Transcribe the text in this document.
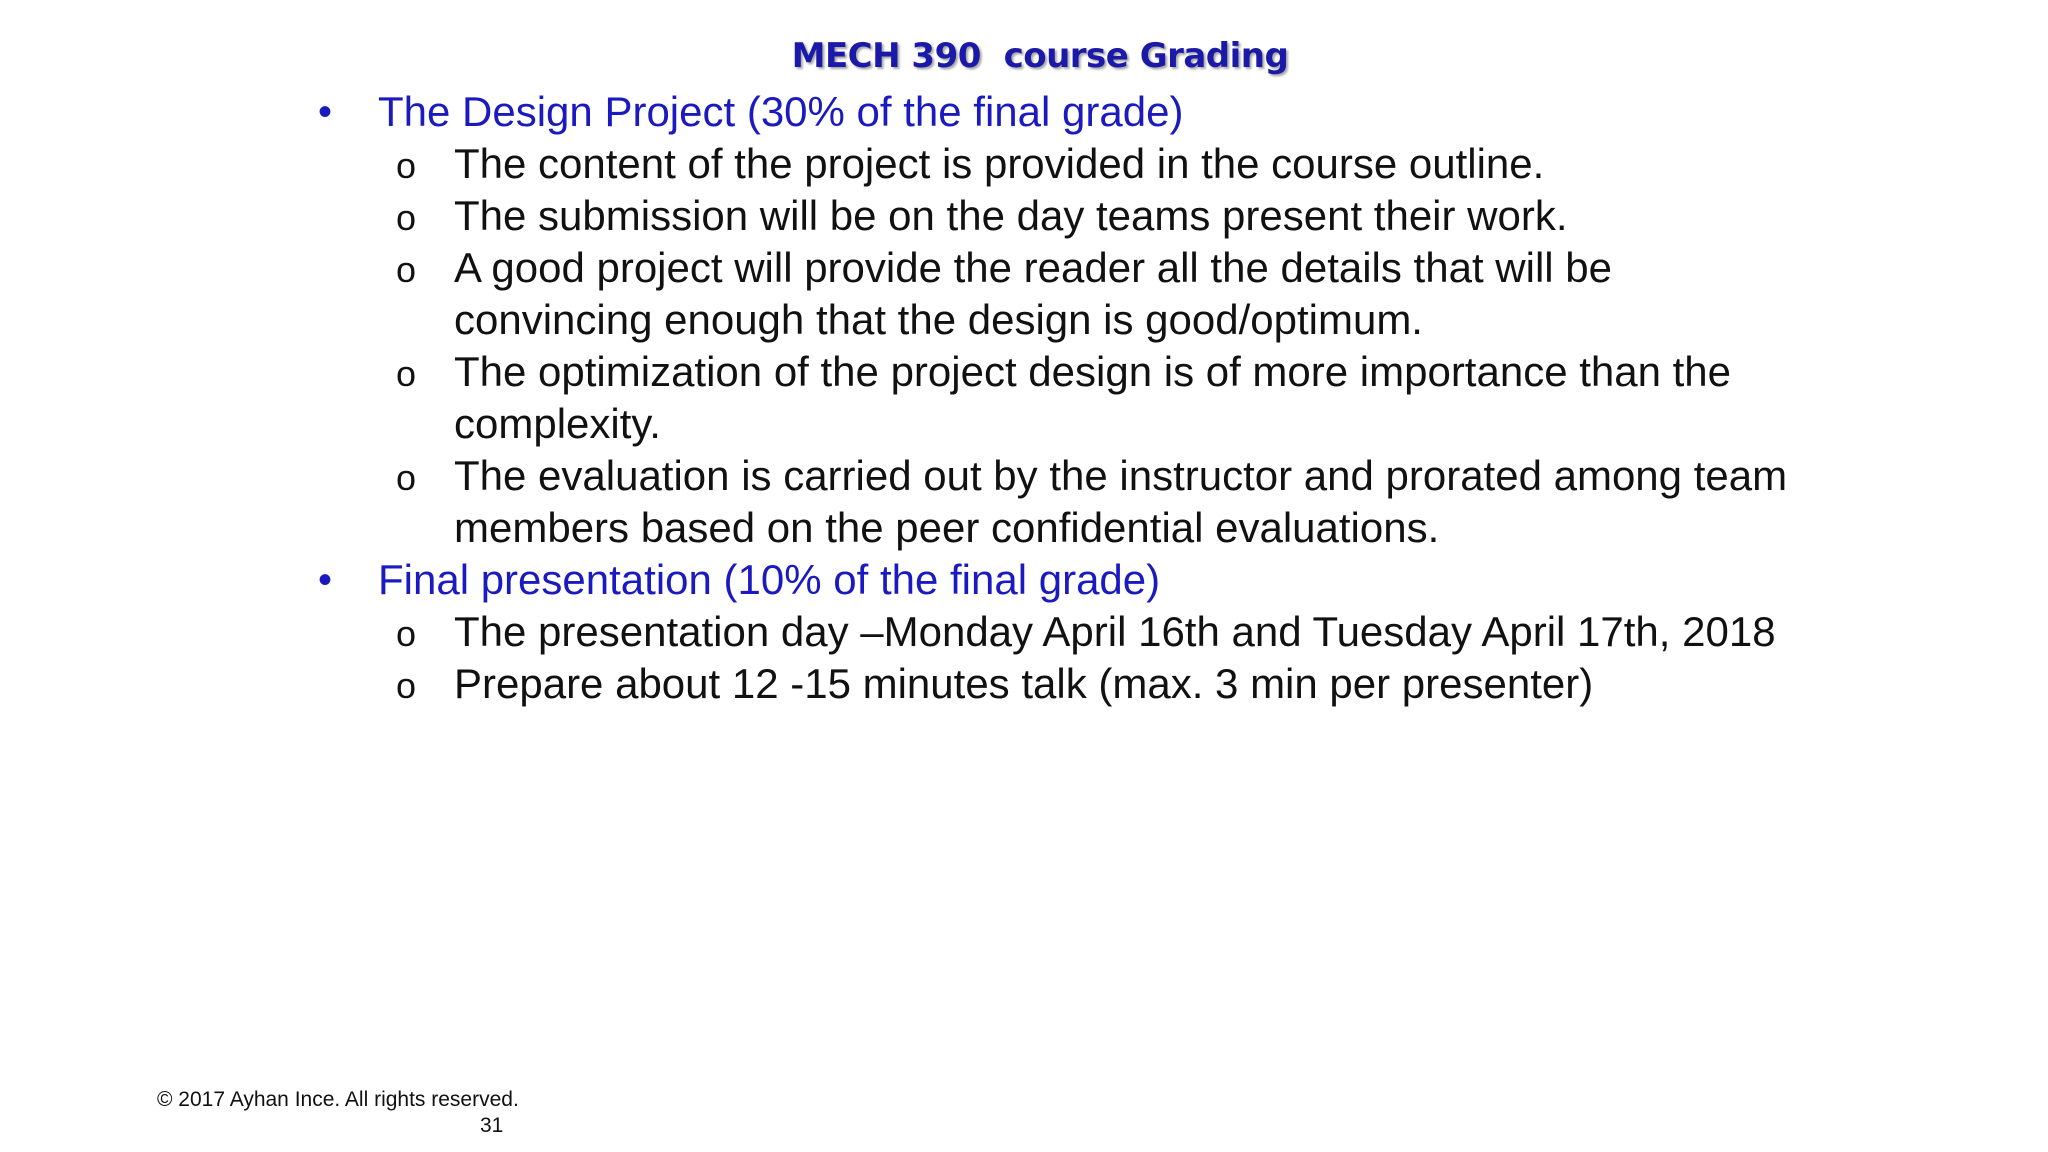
MECH 390  course Grading
• The Design Project (30% of the final grade)
o The content of the project is provided in the course outline.
o The submission will be on the day teams present their work.
o A good project will provide the reader all the details that will be convincing enough that the design is good/optimum.
o The optimization of the project design is of more importance than the complexity.
o The evaluation is carried out by the instructor and prorated among team members based on the peer confidential evaluations.
• Final presentation (10% of the final grade)
o The presentation day –Monday April 16th and Tuesday April 17th, 2018
o Prepare about 12 -15 minutes talk (max. 3 min per presenter)
© 2017 Ayhan Ince. All rights reserved.
31
